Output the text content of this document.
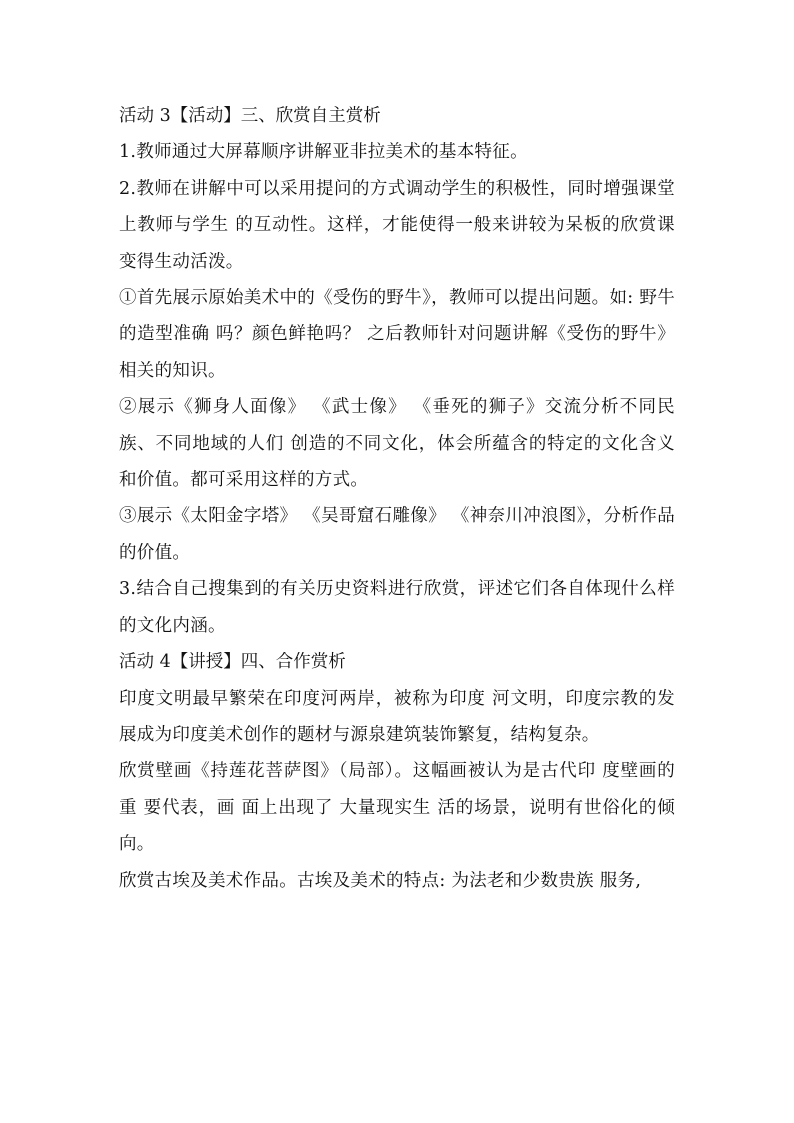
活动 3【活动】三、欣赏自主赏析

1.教师通过大屏幕顺序讲解亚非拉美术的基本特征。

2.教师在讲解中可以采用提问的方式调动学生的积极性，同时增强课堂上教师与学生 的互动性。这样，才能使得一般来讲较为呆板的欣赏课变得生动活泼。

①首先展示原始美术中的《受伤的野牛》，教师可以提出问题。如: 野牛的造型准确 吗？颜色鲜艳吗？ 之后教师针对问题讲解《受伤的野牛》相关的知识。

②展示《狮身人面像》 《武士像》 《垂死的狮子》交流分析不同民族、不同地域的人们 创造的不同文化，体会所蕴含的特定的文化含义和价值。都可采用这样的方式。

③展示《太阳金字塔》 《吴哥窟石雕像》 《神奈川冲浪图》，分析作品的价值。

3.结合自己搜集到的有关历史资料进行欣赏，评述它们各自体现什么样的文化内涵。

活动 4【讲授】四、合作赏析

印度文明最早繁荣在印度河两岸，被称为印度 河文明，印度宗教的发展成为印度美术创作的题材与源泉建筑装饰繁复，结构复杂。

欣赏壁画《持莲花菩萨图》（局部）。这幅画被认为是古代印 度壁画的重 要代表，画 面上出现了 大量现实生 活的场景，说明有世俗化的倾向。

欣赏古埃及美术作品。古埃及美术的特点: 为法老和少数贵族 服务,
